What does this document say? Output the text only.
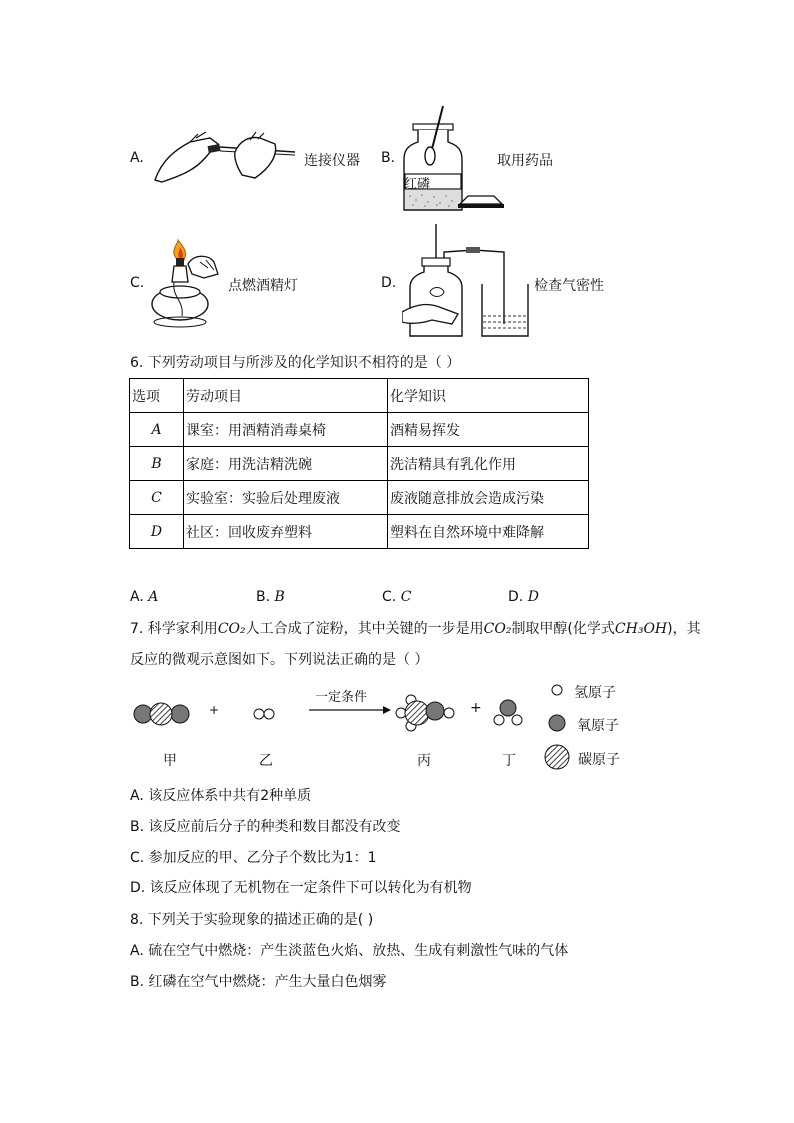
A.	连接仪器 B.
红磷
取用药品
C.	点燃酒精灯	D.	检查气密性
6. 下列劳动项目与所涉及的化学知识不相符的是（ ）
选项	劳动项目	化学知识
A	课室：用酒精消毒桌椅	酒精易挥发
B	家庭：用洗洁精洗碗	洗洁精具有乳化作用
C	实验室：实验后处理废液	废液随意排放会造成污染
D	社区：回收废弃塑料	塑料在自然环境中难降解
A. A	B. B	C. C	D. D
7. 科学家利用CO₂人工合成了淀粉，其中关键的一步是用CO₂制取甲醇(化学式CH₃OH)，其
反应的微观示意图如下。下列说法正确的是（ ）
一定条件
+	+
甲	乙	丙	丁
氢原子
氧原子
碳原子
A. 该反应体系中共有2种单质
B. 该反应前后分子的种类和数目都没有改变
C. 参加反应的甲、乙分子个数比为1：1
D. 该反应体现了无机物在一定条件下可以转化为有机物
8. 下列关于实验现象的描述正确的是( )
A. 硫在空气中燃烧：产生淡蓝色火焰、放热、生成有刺激性气味的气体
B. 红磷在空气中燃烧：产生大量白色烟雾
